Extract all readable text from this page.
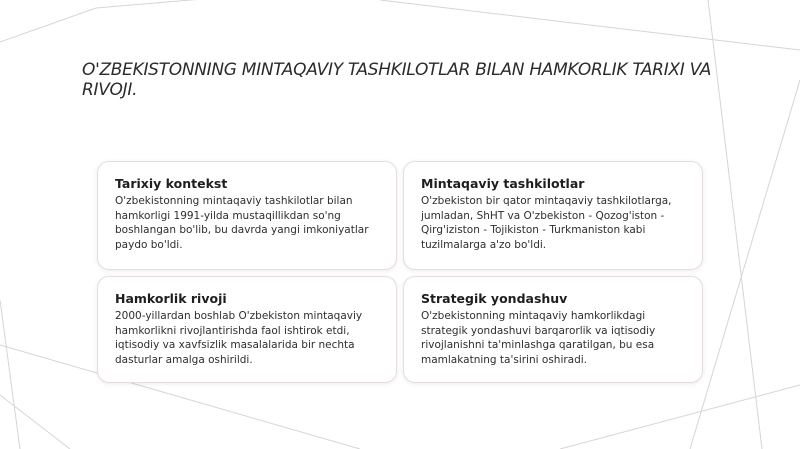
O'ZBEKISTONNING MINTAQAVIY TASHKILOTLAR BILAN HAMKORLIK TARIXI VA RIVOJI.
Tarixiy kontekst

O'zbekistonning mintaqaviy tashkilotlar bilan hamkorligi 1991-yilda mustaqillikdan so'ng boshlangan bo'lib, bu davrda yangi imkoniyatlar paydo bo'ldi.

Mintaqaviy tashkilotlar

O'zbekiston bir qator mintaqaviy tashkilotlarga, jumladan, ShHT va O'zbekiston - Qozog'iston - Qirg'iziston - Tojikiston - Turkmaniston kabi tuzilmalarga a'zo bo'ldi.

Hamkorlik rivoji

2000-yillardan boshlab O'zbekiston mintaqaviy hamkorlikni rivojlantirishda faol ishtirok etdi, iqtisodiy va xavfsizlik masalalarida bir nechta dasturlar amalga oshirildi.

Strategik yondashuv

O'zbekistonning mintaqaviy hamkorlikdagi strategik yondashuvi barqarorlik va iqtisodiy rivojlanishni ta'minlashga qaratilgan, bu esa mamlakatning ta'sirini oshiradi.
